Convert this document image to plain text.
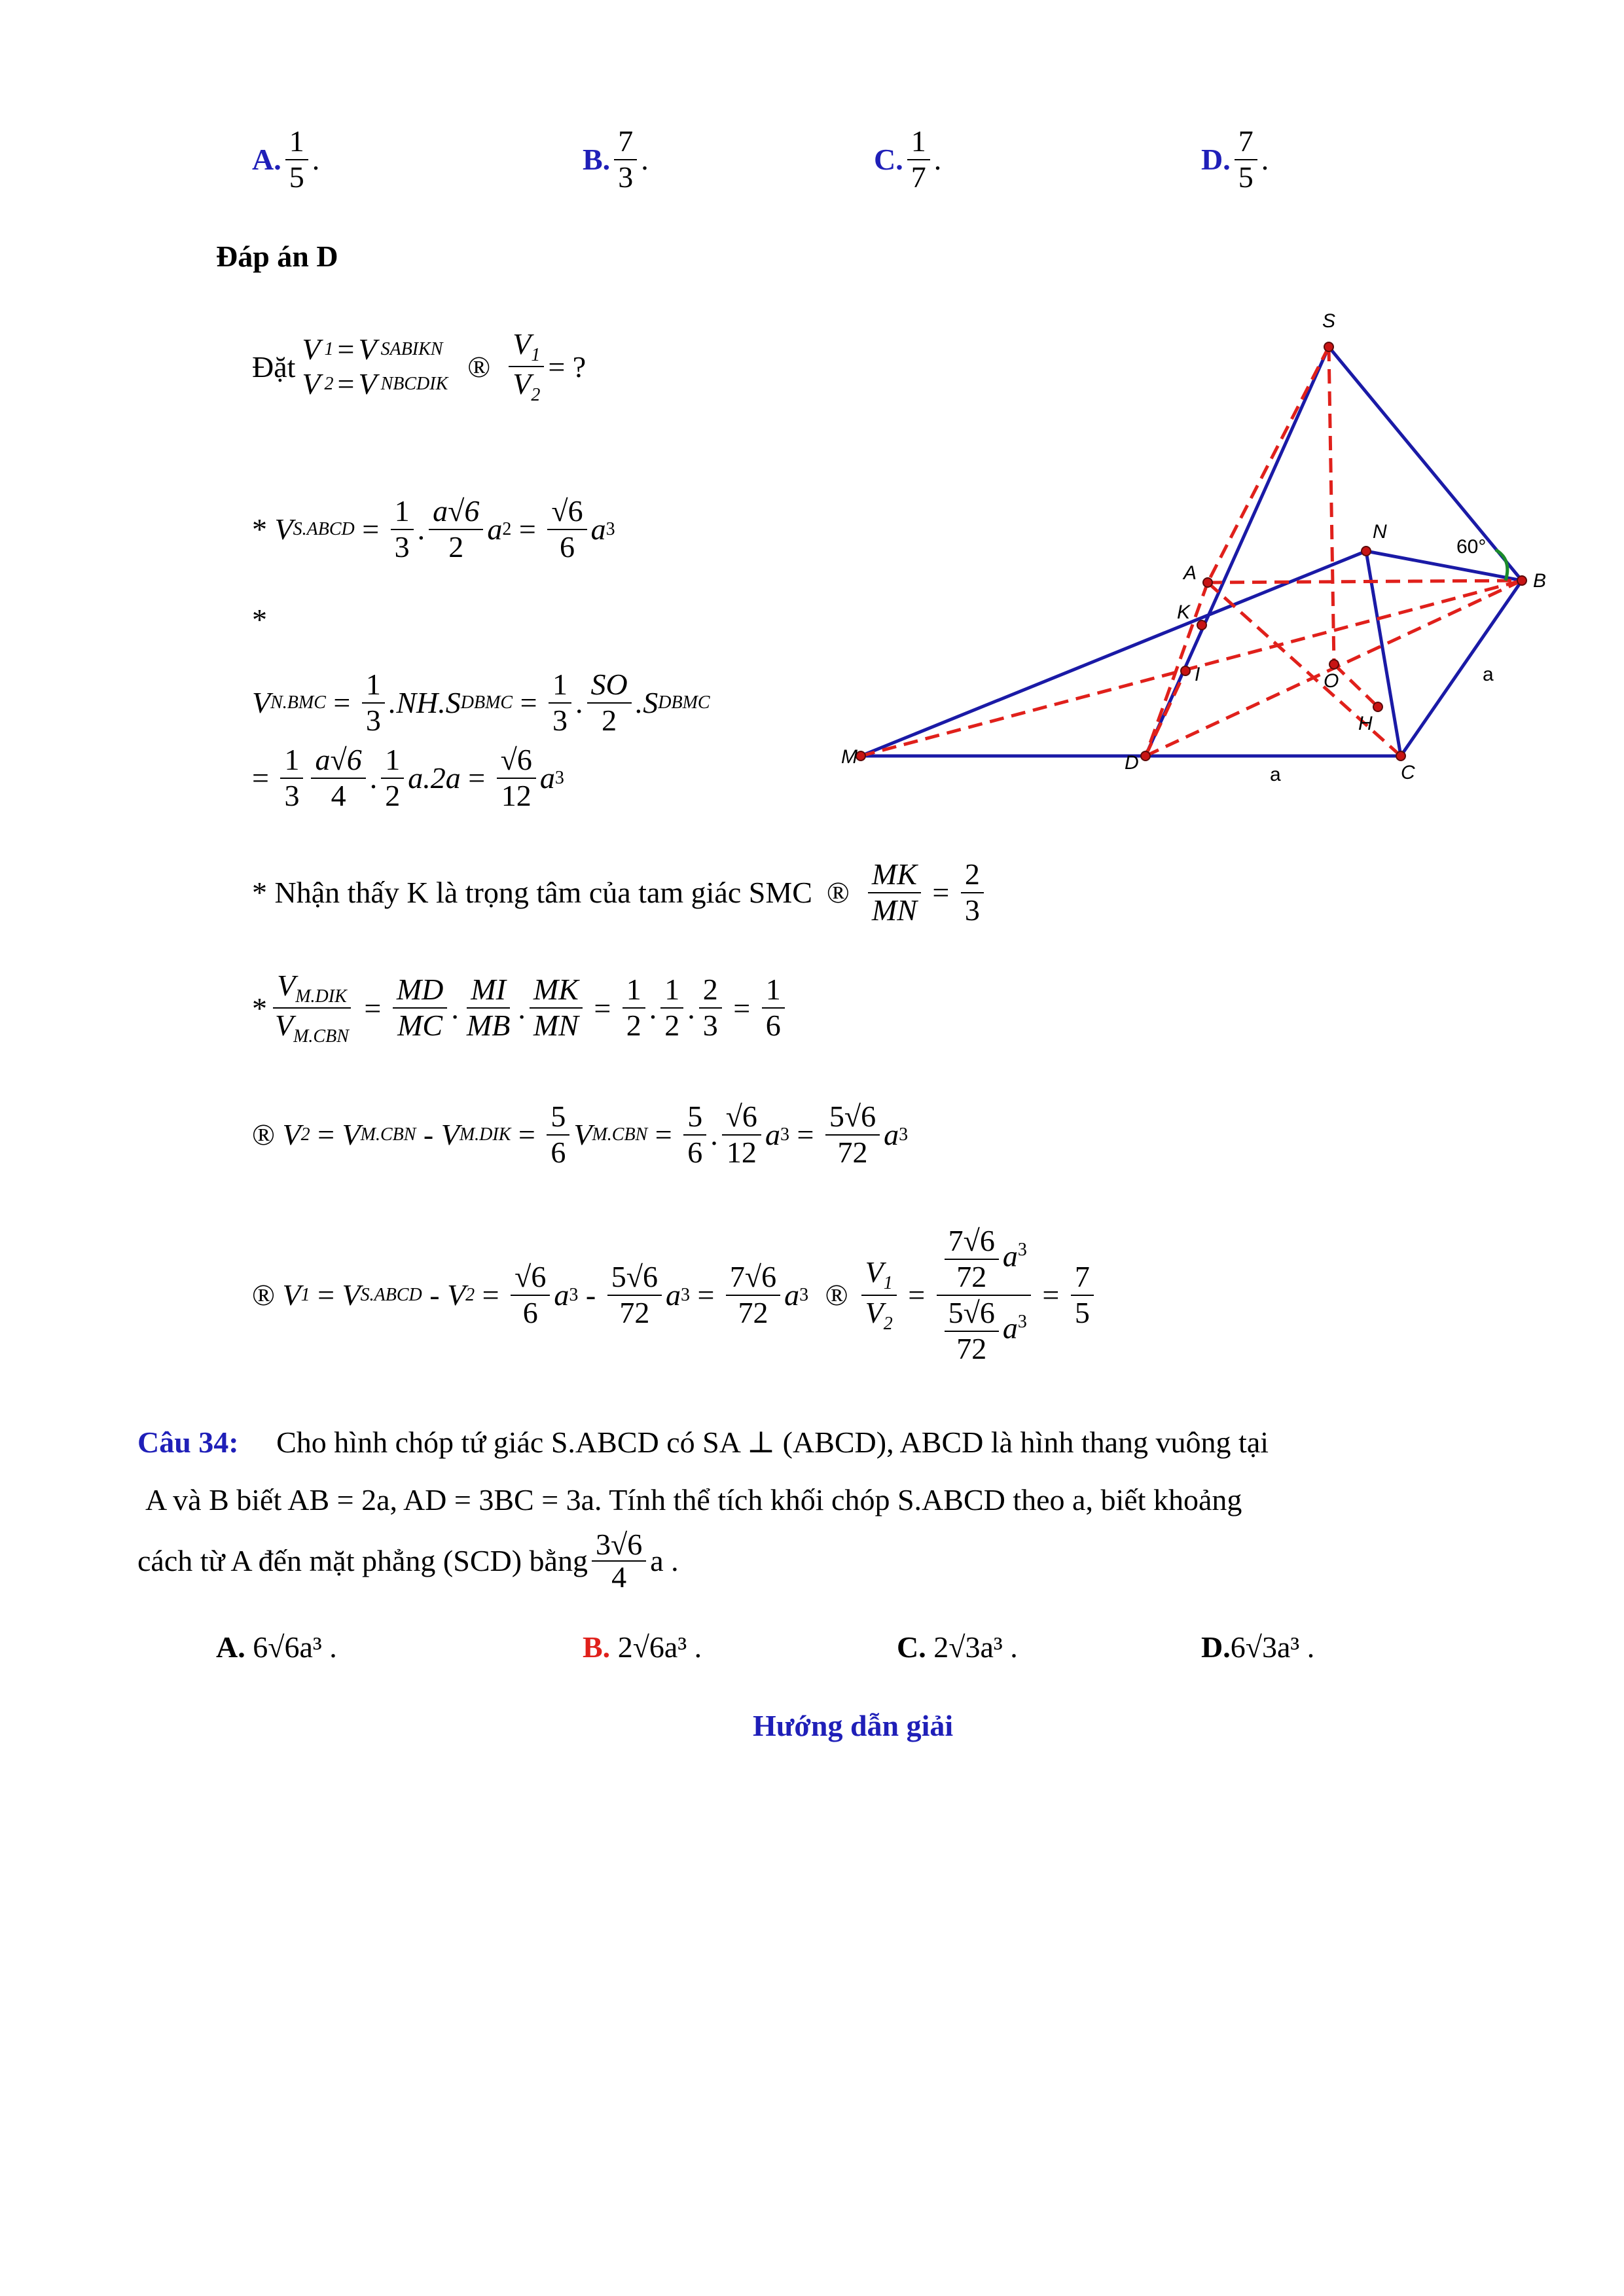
A. $\frac{1}{5}$ .	B. $\frac{7}{3}$ .	C. $\frac{1}{7}$ .	D. $\frac{7}{5}$ .
Đáp án D
Đặt
V 1 = V SABIKN
V 2 = V NBCDIK
® $\frac{V_1}{V_2}$ = ?
*
V S.ABCD = $\frac{1}{3}$ . $\frac{a√6}{2}$ a $2 = \frac{√6}{6}$ a 3
*
V $N.BMC = \frac{1}{3} .NH.S$ DBMC = $\frac{1}{3}$ . $\frac{SO}{2} .S$ DBMC
= $\frac{1}{3} \frac{a√6}{4}$ . $\frac{1}{2} a.2a = \frac{√6}{12}$ a 3
* Nhận thấy K là trọng tâm của tam giác SMC ® $\frac{MK}{MN} = \frac{2}{3}$
* $\frac{V_{M.DIK}}{V_{M.CBN}} = \frac{MD}{MC}$ . $\frac{MI}{MB}$ . $\frac{MK}{MN} = \frac{1}{2}$ . $\frac{1}{2}$ . $\frac{2}{3} = \frac{1}{6}$
®
V 2 = V M.CBN - V $M.DIK = \frac{5}{6}$ V $M.CBN = \frac{5}{6}$ . $\frac{√6}{12}$ a $3 = \frac{5√6}{72}$ a 3
®
V 1 = V S.ABCD - V $2 = \frac{√6}{6}$ a $3 - \frac{5√6}{72}$ a $3 = \frac{7√6}{72}$ a 3
® $\frac{V_1}{V_2} = \frac{\frac{7√6}{72} a^3}{\frac{5√6}{72} a^3} = \frac{7}{5}$
Câu 34: Cho hình chóp tứ giác S.ABCD có SA ⊥ (ABCD), ABCD là hình thang vuông tại
A và B biết AB = 2a, AD = 3BC = 3a. Tính thể tích khối chóp S.ABCD theo a, biết khoảng
cách từ A đến mặt phẳng (SCD) bằng $\frac{3√6}{4}$ a .
A. 6√6a³ .	B. 2√6a³ .	C. 2√3a³ .	D.6√3a³ .
Hướng dẫn giải
S
N
A	B
K
I	O
H
M	D	C
60°
a
a
